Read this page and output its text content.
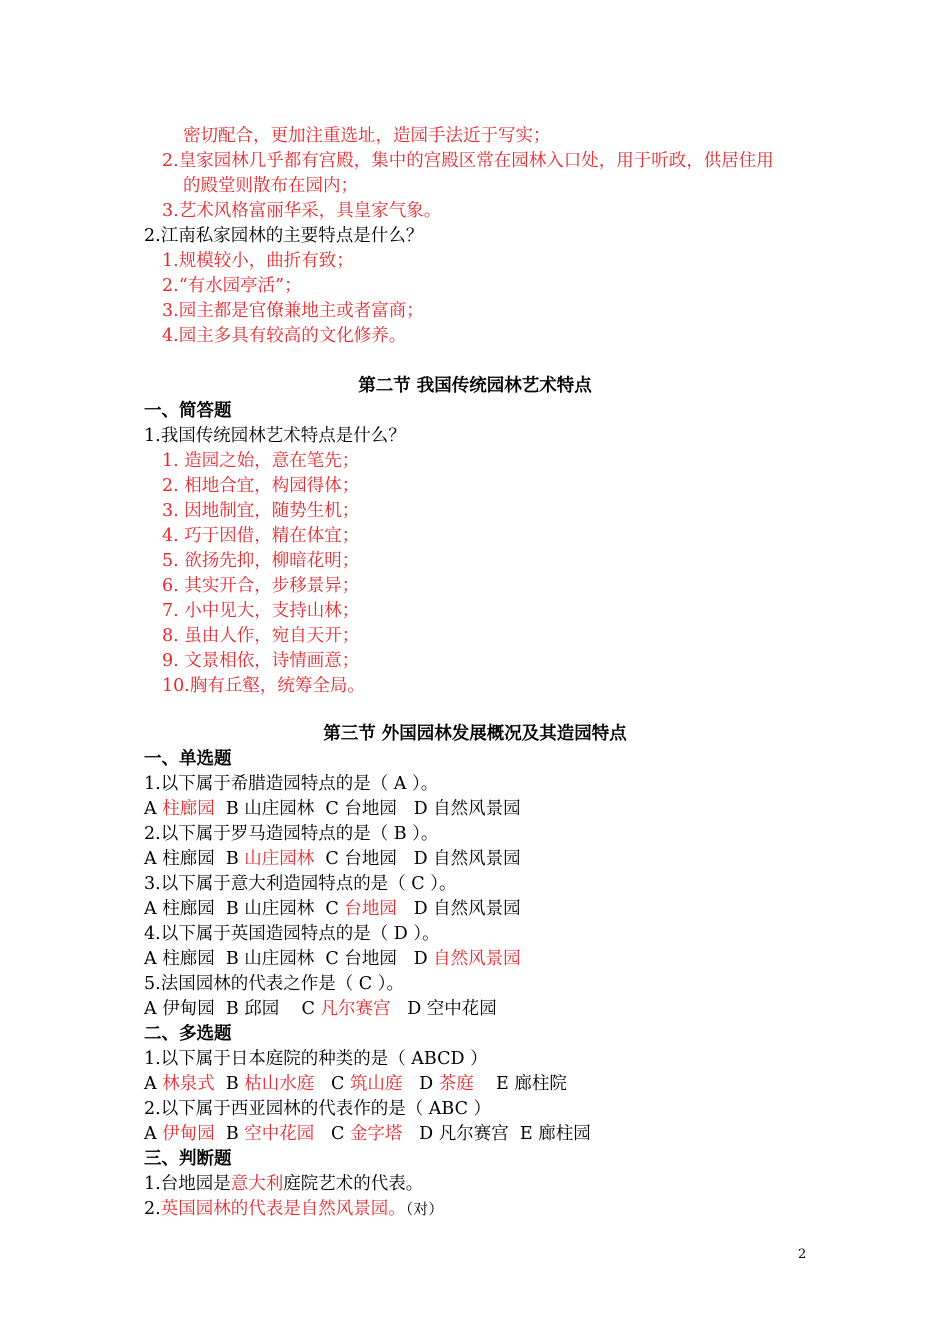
密切配合，更加注重选址，造园手法近于写实；
2.皇家园林几乎都有宫殿，集中的宫殿区常在园林入口处，用于听政，供居住用
的殿堂则散布在园内；
3.艺术风格富丽华采，具皇家气象。
2.江南私家园林的主要特点是什么？
1.规模较小，曲折有致；
2.“有水园亭活”；
3.园主都是官僚兼地主或者富商；
4.园主多具有较高的文化修养。
第二节 我国传统园林艺术特点
一、简答题
1.我国传统园林艺术特点是什么？
1. 造园之始，意在笔先；
2. 相地合宜，构园得体；
3. 因地制宜，随势生机；
4. 巧于因借，精在体宜；
5. 欲扬先抑，柳暗花明；
6. 其实开合，步移景异；
7. 小中见大，支持山林；
8. 虽由人作，宛自天开；
9. 文景相依，诗情画意；
10.胸有丘壑，统筹全局。
第三节 外国园林发展概况及其造园特点
一、单选题
1.以下属于希腊造园特点的是（ A ）。
A 柱廊园 B 山庄园林 C 台地园 D 自然风景园
2.以下属于罗马造园特点的是（ B ）。
A 柱廊园 B 山庄园林 C 台地园 D 自然风景园
3.以下属于意大利造园特点的是（ C ）。
A 柱廊园 B 山庄园林 C 台地园 D 自然风景园
4.以下属于英国造园特点的是（ D ）。
A 柱廊园 B 山庄园林 C 台地园 D 自然风景园
5.法国园林的代表之作是（ C ）。
A 伊甸园 B 邱园 C 凡尔赛宫 D 空中花园
二、多选题
1.以下属于日本庭院的种类的是（ ABCD ）
A 林泉式 B 枯山水庭 C 筑山庭 D 茶庭 E 廊柱院
2.以下属于西亚园林的代表作的是（ ABC ）
A 伊甸园 B 空中花园 C 金字塔 D 凡尔赛宫 E 廊柱园
三、判断题
1.台地园是意大利庭院艺术的代表。
2.英国园林的代表是自然风景园。（对）
2
